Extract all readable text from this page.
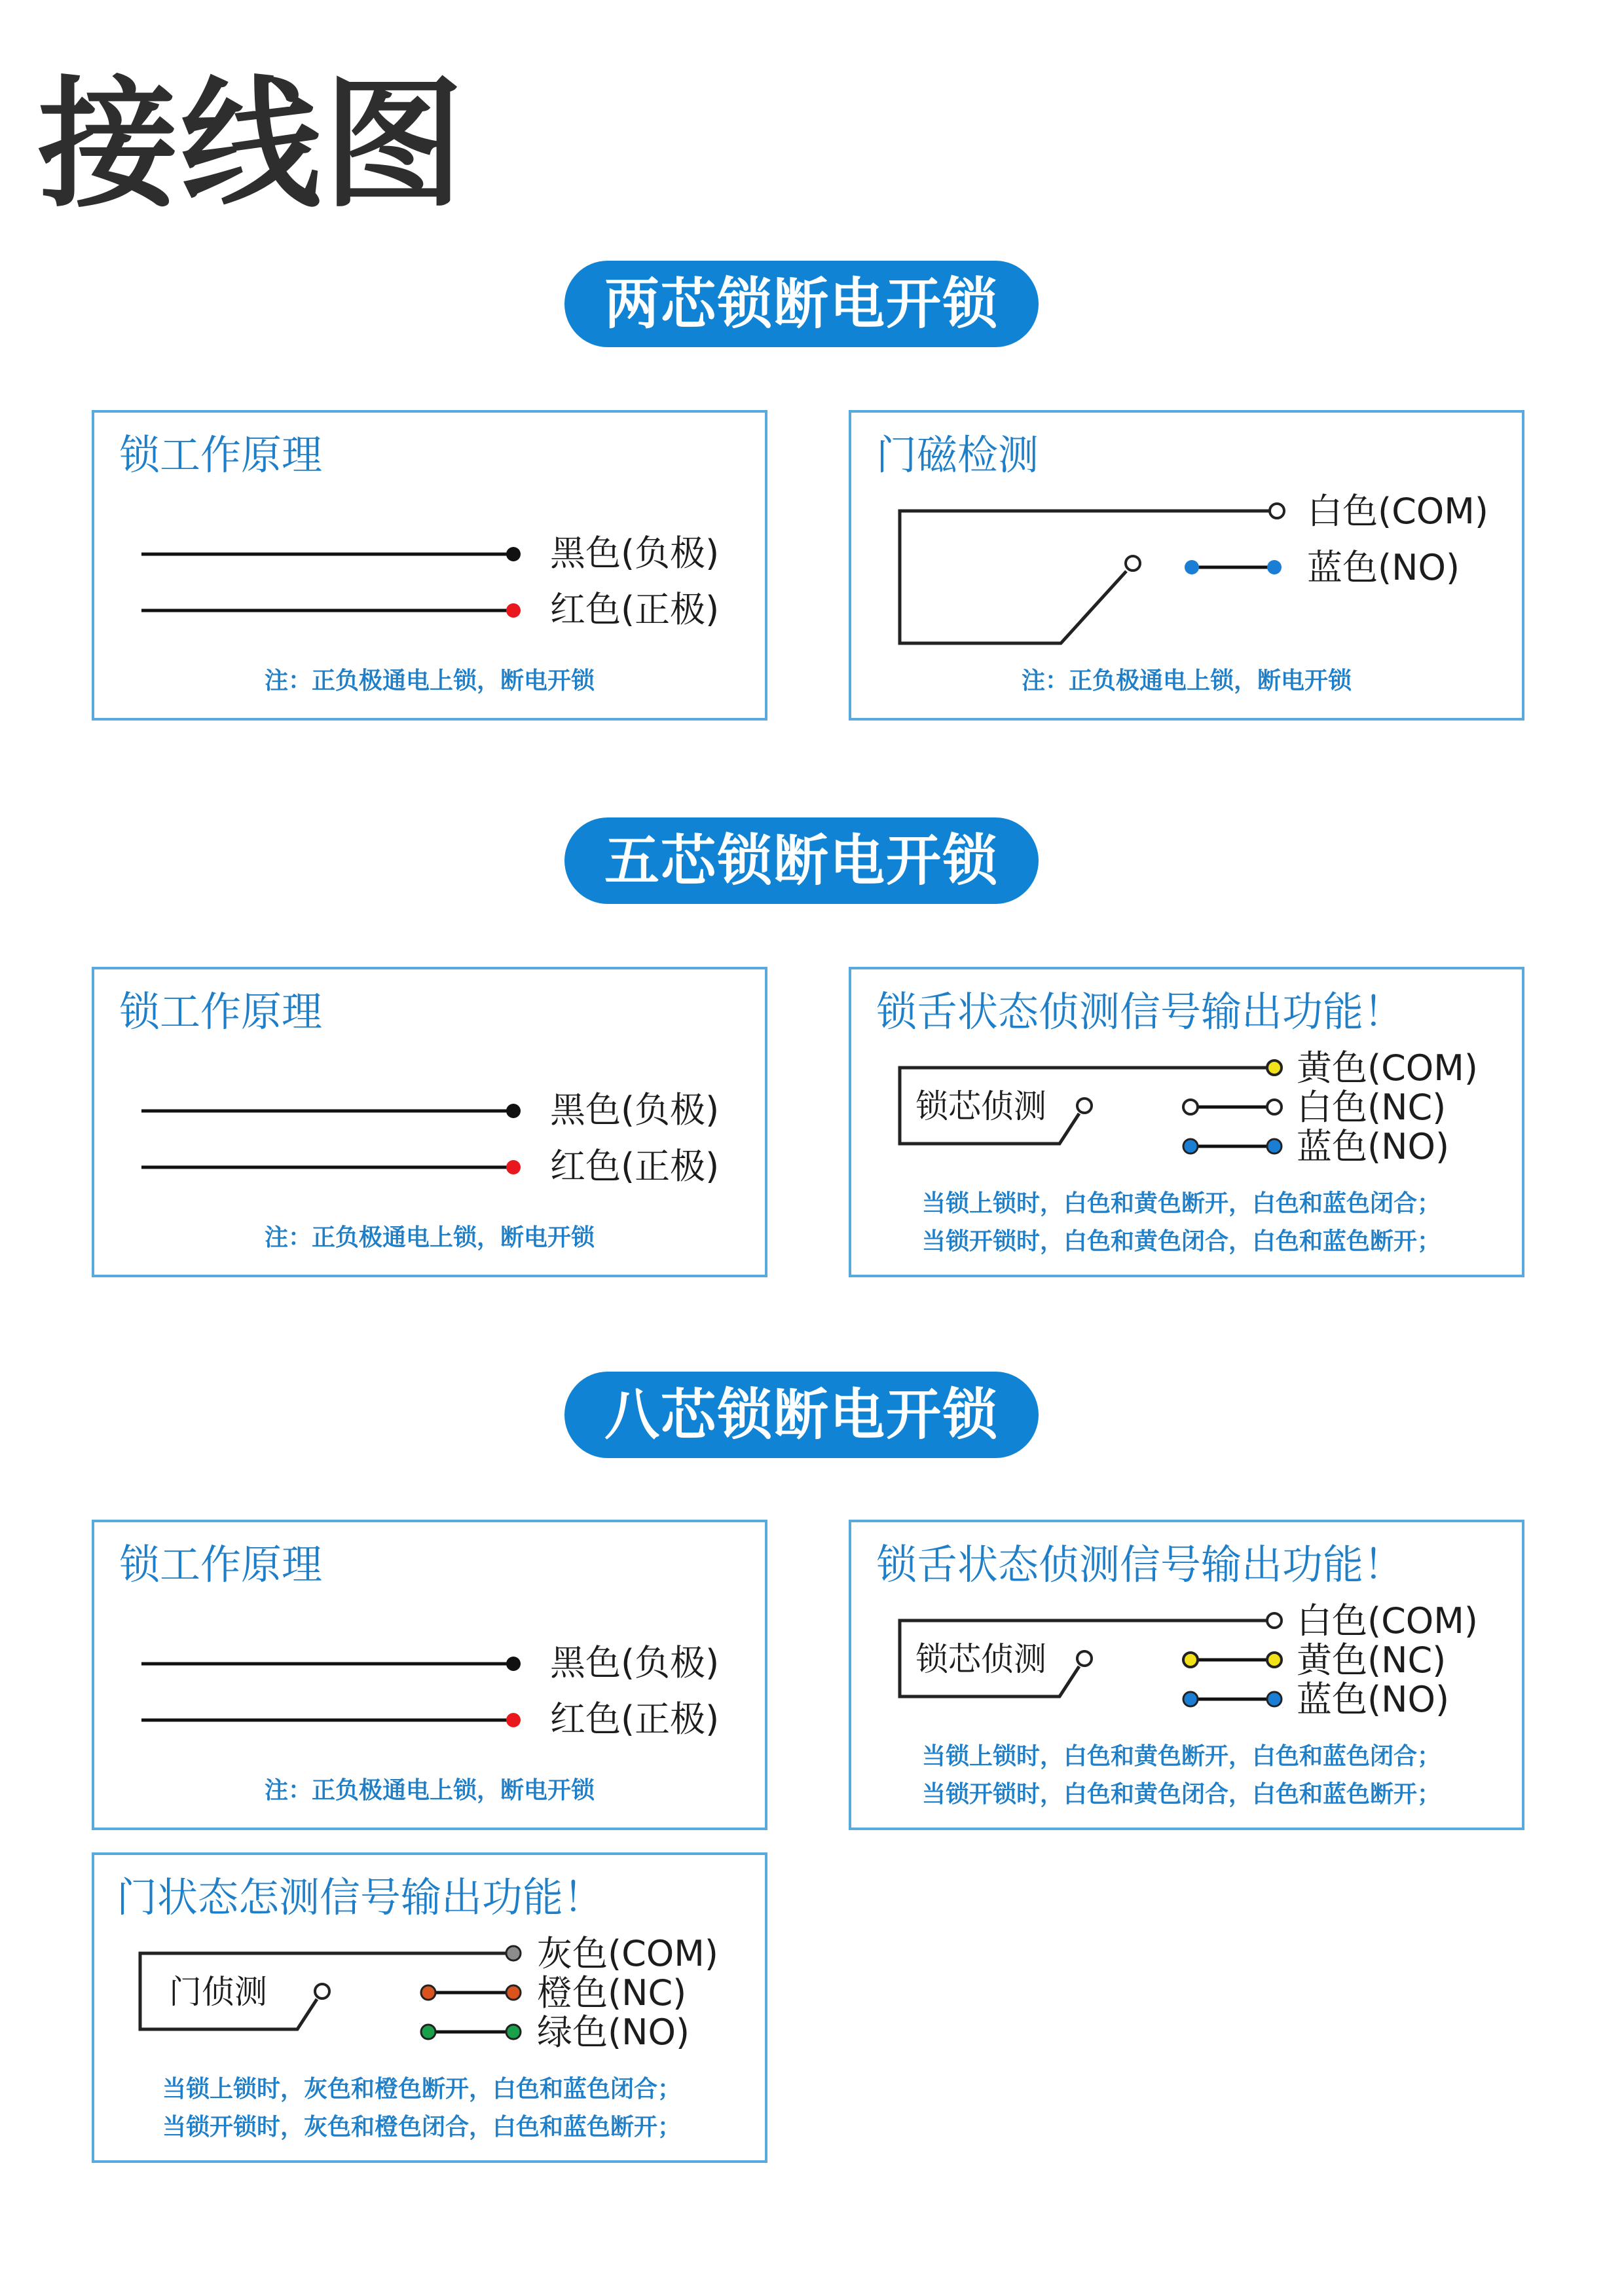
接线图
两芯锁断电开锁
锁工作原理
黑色(负极)
红色(正极)
注：正负极通电上锁，断电开锁
门磁检测
白色(COM)
蓝色(NO)
注：正负极通电上锁，断电开锁
五芯锁断电开锁
锁工作原理
黑色(负极)
红色(正极)
注：正负极通电上锁，断电开锁
锁舌状态侦测信号输出功能！
锁芯侦测
黄色(COM)
白色(NC)
蓝色(NO)
当锁上锁时，白色和黄色断开，白色和蓝色闭合；
当锁开锁时，白色和黄色闭合，白色和蓝色断开；
八芯锁断电开锁
锁工作原理
黑色(负极)
红色(正极)
注：正负极通电上锁，断电开锁
锁舌状态侦测信号输出功能！
锁芯侦测
白色(COM)
黄色(NC)
蓝色(NO)
当锁上锁时，白色和黄色断开，白色和蓝色闭合；
当锁开锁时，白色和黄色闭合，白色和蓝色断开；
门状态怎测信号输出功能！
门侦测
灰色(COM)
橙色(NC)
绿色(NO)
当锁上锁时，灰色和橙色断开，白色和蓝色闭合；
当锁开锁时，灰色和橙色闭合，白色和蓝色断开；
